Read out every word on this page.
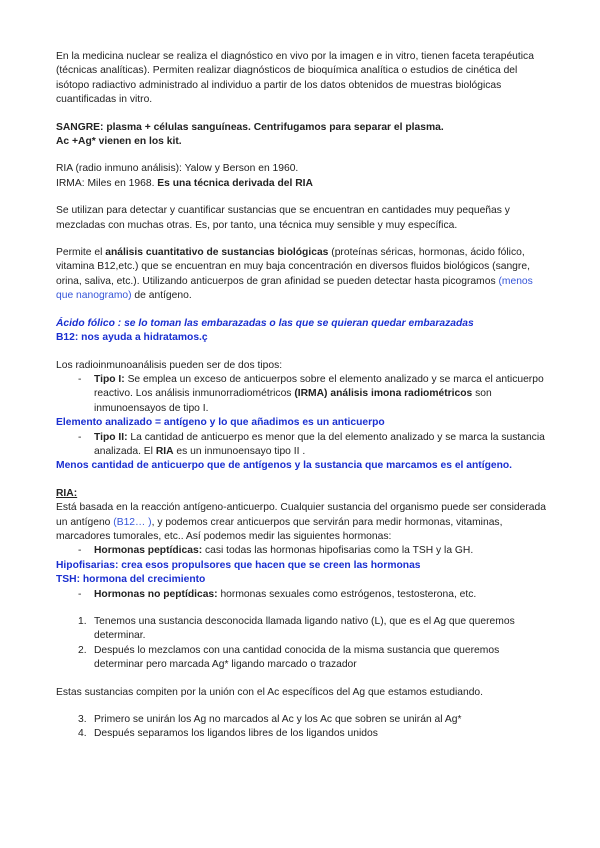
En la medicina nuclear se realiza el diagnóstico en vivo por la imagen e in vitro, tienen faceta terapéutica (técnicas analíticas). Permiten realizar diagnósticos de bioquímica analítica o estudios de cinética del isótopo radiactivo administrado al individuo a partir de los datos obtenidos de muestras biológicas cuantificadas in vitro.

SANGRE: plasma + células sanguíneas. Centrifugamos para separar el plasma.

Ac +Ag* vienen en los kit.

RIA (radio inmuno análisis): Yalow y Berson en 1960.

IRMA: Miles en 1968. Es una técnica derivada del RIA

Se utilizan para detectar y cuantificar sustancias que se encuentran en cantidades muy pequeñas y mezcladas con muchas otras. Es, por tanto, una técnica muy sensible y muy específica.

Permite el análisis cuantitativo de sustancias biológicas (proteínas séricas, hormonas, ácido fólico, vitamina B12,etc.) que se encuentran en muy baja concentración en diversos fluidos biológicos (sangre, orina, saliva, etc.). Utilizando anticuerpos de gran afinidad se pueden detectar hasta picogramos (menos que nanogramo) de antígeno.

Ácido fólico : se lo toman las embarazadas o las que se quieran quedar embarazadas

B12: nos ayuda a hidratamos.ç

Los radioinmunoanálisis pueden ser de dos tipos:

- Tipo I: Se emplea un exceso de anticuerpos sobre el elemento analizado y se marca el anticuerpo reactivo. Los análisis inmunorradiométricos (IRMA) análisis imona radiométricos son inmunoensayos de tipo I.

Elemento analizado = antígeno y lo que añadimos es un anticuerpo

- Tipo II: La cantidad de anticuerpo es menor que la del elemento analizado y se marca la sustancia analizada. El RIA es un inmunoensayo tipo II .

Menos cantidad de anticuerpo que de antígenos y la sustancia que marcamos es el antígeno.

RIA:

Está basada en la reacción antígeno-anticuerpo. Cualquier sustancia del organismo puede ser considerada un antígeno (B12… ), y podemos crear anticuerpos que servirán para medir hormonas, vitaminas, marcadores tumorales, etc.. Así podemos medir las siguientes hormonas:

- Hormonas peptídicas: casi todas las hormonas hipofisarias como la TSH y la GH.

Hipofisarias: crea esos propulsores que hacen que se creen las hormonas

TSH: hormona del crecimiento

- Hormonas no peptídicas: hormonas sexuales como estrógenos, testosterona, etc.
1. Tenemos una sustancia desconocida llamada ligando nativo (L), que es el Ag que queremos determinar.
2. Después lo mezclamos con una cantidad conocida de la misma sustancia que queremos determinar pero marcada Ag* ligando marcado o trazador

Estas sustancias compiten por la unión con el Ac específicos del Ag que estamos estudiando.

3. Primero se unirán los Ag no marcados al Ac y los Ac que sobren se unirán al Ag*
4. Después separamos los ligandos libres de los ligandos unidos
